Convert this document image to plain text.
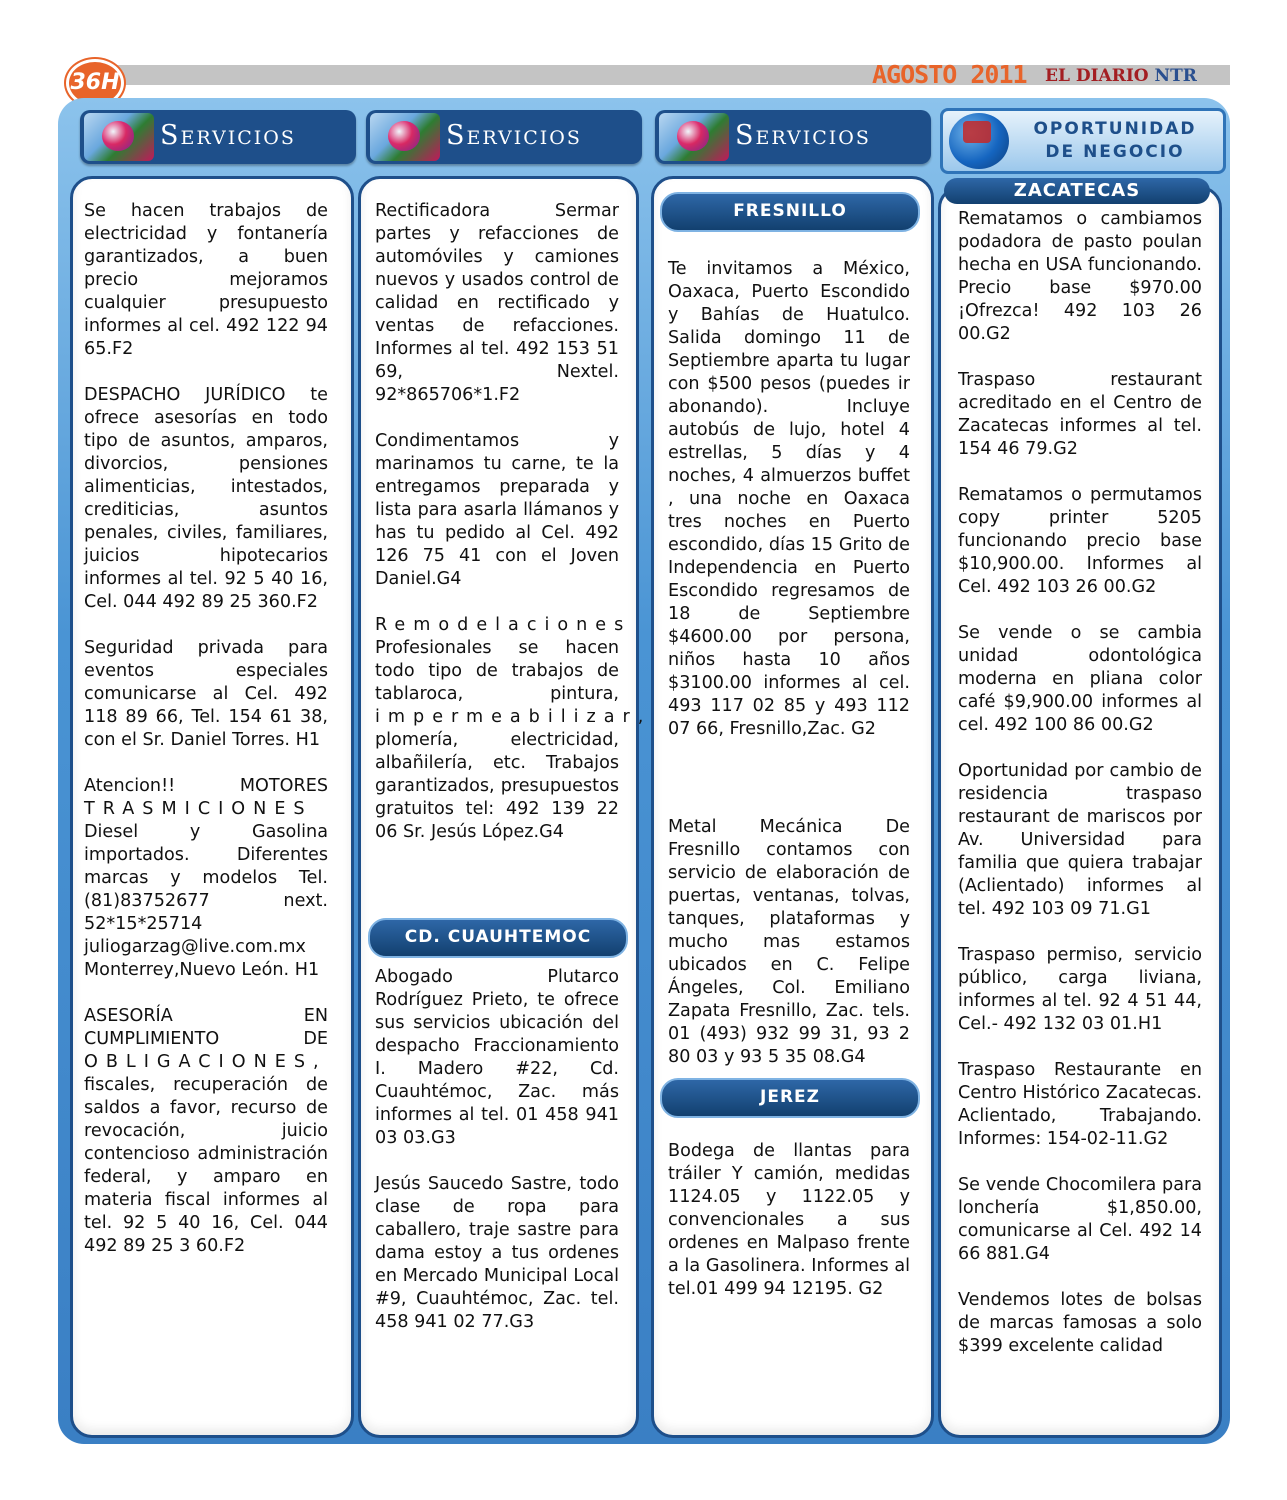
36H	AGOSTO 2011 EL DIARIO NTR
Servicios	Servicios	Servicios	OPORTUNIDAD
DE NEGOCIO

Se hacen trabajos de electricidad y fontanería garantizados, a buen precio mejoramos cualquier presupuesto informes al cel. 492 122 94 65.F2

DESPACHO JURÍDICO te ofrece asesorías en todo tipo de asuntos, amparos, divorcios, pensiones alimenticias, intestados, crediticias, asuntos penales, civiles, familiares, juicios hipotecarios informes al tel. 92 5 40 16, Cel. 044 492 89 25 360.F2

Seguridad privada para eventos especiales comunicarse al Cel. 492 118 89 66, Tel. 154 61 38, con el Sr. Daniel Torres. H1

Atencion!! MOTORES TRASMICIONES Diesel y Gasolina importados. Diferentes marcas y modelos Tel. (81)83752677 next. 52*15*25714 juliogarzag@live.com.mx Monterrey,Nuevo León. H1

ASESORÍA EN CUMPLIMIENTO DE OBLIGACIONES, fiscales, recuperación de saldos a favor, recurso de revocación, juicio contencioso administración federal, y amparo en materia fiscal informes al tel. 92 5 40 16, Cel. 044 492 89 25 3 60.F2

Rectificadora Sermar partes y refacciones de automóviles y camiones nuevos y usados control de calidad en rectificado y ventas de refacciones. Informes al tel. 492 153 51 69, Nextel. 92*865706*1.F2

Condimentamos y marinamos tu carne, te la entregamos preparada y lista para asarla llámanos y has tu pedido al Cel. 492 126 75 41 con el Joven Daniel.G4

Remodelaciones Profesionales se hacen todo tipo de trabajos de tablaroca, pintura, impermeabilizar, plomería, electricidad, albañilería, etc. Trabajos garantizados, presupuestos gratuitos tel: 492 139 22 06 Sr. Jesús López.G4

CD. CUAUHTEMOC

Abogado Plutarco Rodríguez Prieto, te ofrece sus servicios ubicación del despacho Fraccionamiento I. Madero #22, Cd. Cuauhtémoc, Zac. más informes al tel. 01 458 941 03 03.G3

Jesús Saucedo Sastre, todo clase de ropa para caballero, traje sastre para dama estoy a tus ordenes en Mercado Municipal Local #9, Cuauhtémoc, Zac. tel. 458 941 02 77.G3

FRESNILLO

Te invitamos a México, Oaxaca, Puerto Escondido y Bahías de Huatulco. Salida domingo 11 de Septiembre aparta tu lugar con $500 pesos (puedes ir abonando). Incluye autobús de lujo, hotel 4 estrellas, 5 días y 4 noches, 4 almuerzos buffet , una noche en Oaxaca tres noches en Puerto escondido, días 15 Grito de Independencia en Puerto Escondido regresamos de 18 de Septiembre $4600.00 por persona, niños hasta 10 años $3100.00 informes al cel. 493 117 02 85 y 493 112 07 66, Fresnillo,Zac. G2

Metal Mecánica De Fresnillo contamos con servicio de elaboración de puertas, ventanas, tolvas, tanques, plataformas y mucho mas estamos ubicados en C. Felipe Ángeles, Col. Emiliano Zapata Fresnillo, Zac. tels. 01 (493) 932 99 31, 93 2 80 03 y 93 5 35 08.G4

JEREZ

Bodega de llantas para tráiler Y camión, medidas 1124.05 y 1122.05 y convencionales a sus ordenes en Malpaso frente a la Gasolinera. Informes al tel.01 499 94 12195. G2

ZACATECAS

Rematamos o cambiamos podadora de pasto poulan hecha en USA funcionando. Precio base $970.00 ¡Ofrezca! 492 103 26 00.G2

Traspaso restaurant acreditado en el Centro de Zacatecas informes al tel. 154 46 79.G2

Rematamos o permutamos copy printer 5205 funcionando precio base $10,900.00. Informes al Cel. 492 103 26 00.G2

Se vende o se cambia unidad odontológica moderna en pliana color café $9,900.00 informes al cel. 492 100 86 00.G2

Oportunidad por cambio de residencia traspaso restaurant de mariscos por Av. Universidad para familia que quiera trabajar (Aclientado) informes al tel. 492 103 09 71.G1

Traspaso permiso, servicio público, carga liviana, informes al tel. 92 4 51 44, Cel.- 492 132 03 01.H1

Traspaso Restaurante en Centro Histórico Zacatecas. Aclientado, Trabajando. Informes: 154-02-11.G2

Se vende Chocomilera para lonchería $1,850.00, comunicarse al Cel. 492 14 66 881.G4

Vendemos lotes de bolsas de marcas famosas a solo $399 excelente calidad
